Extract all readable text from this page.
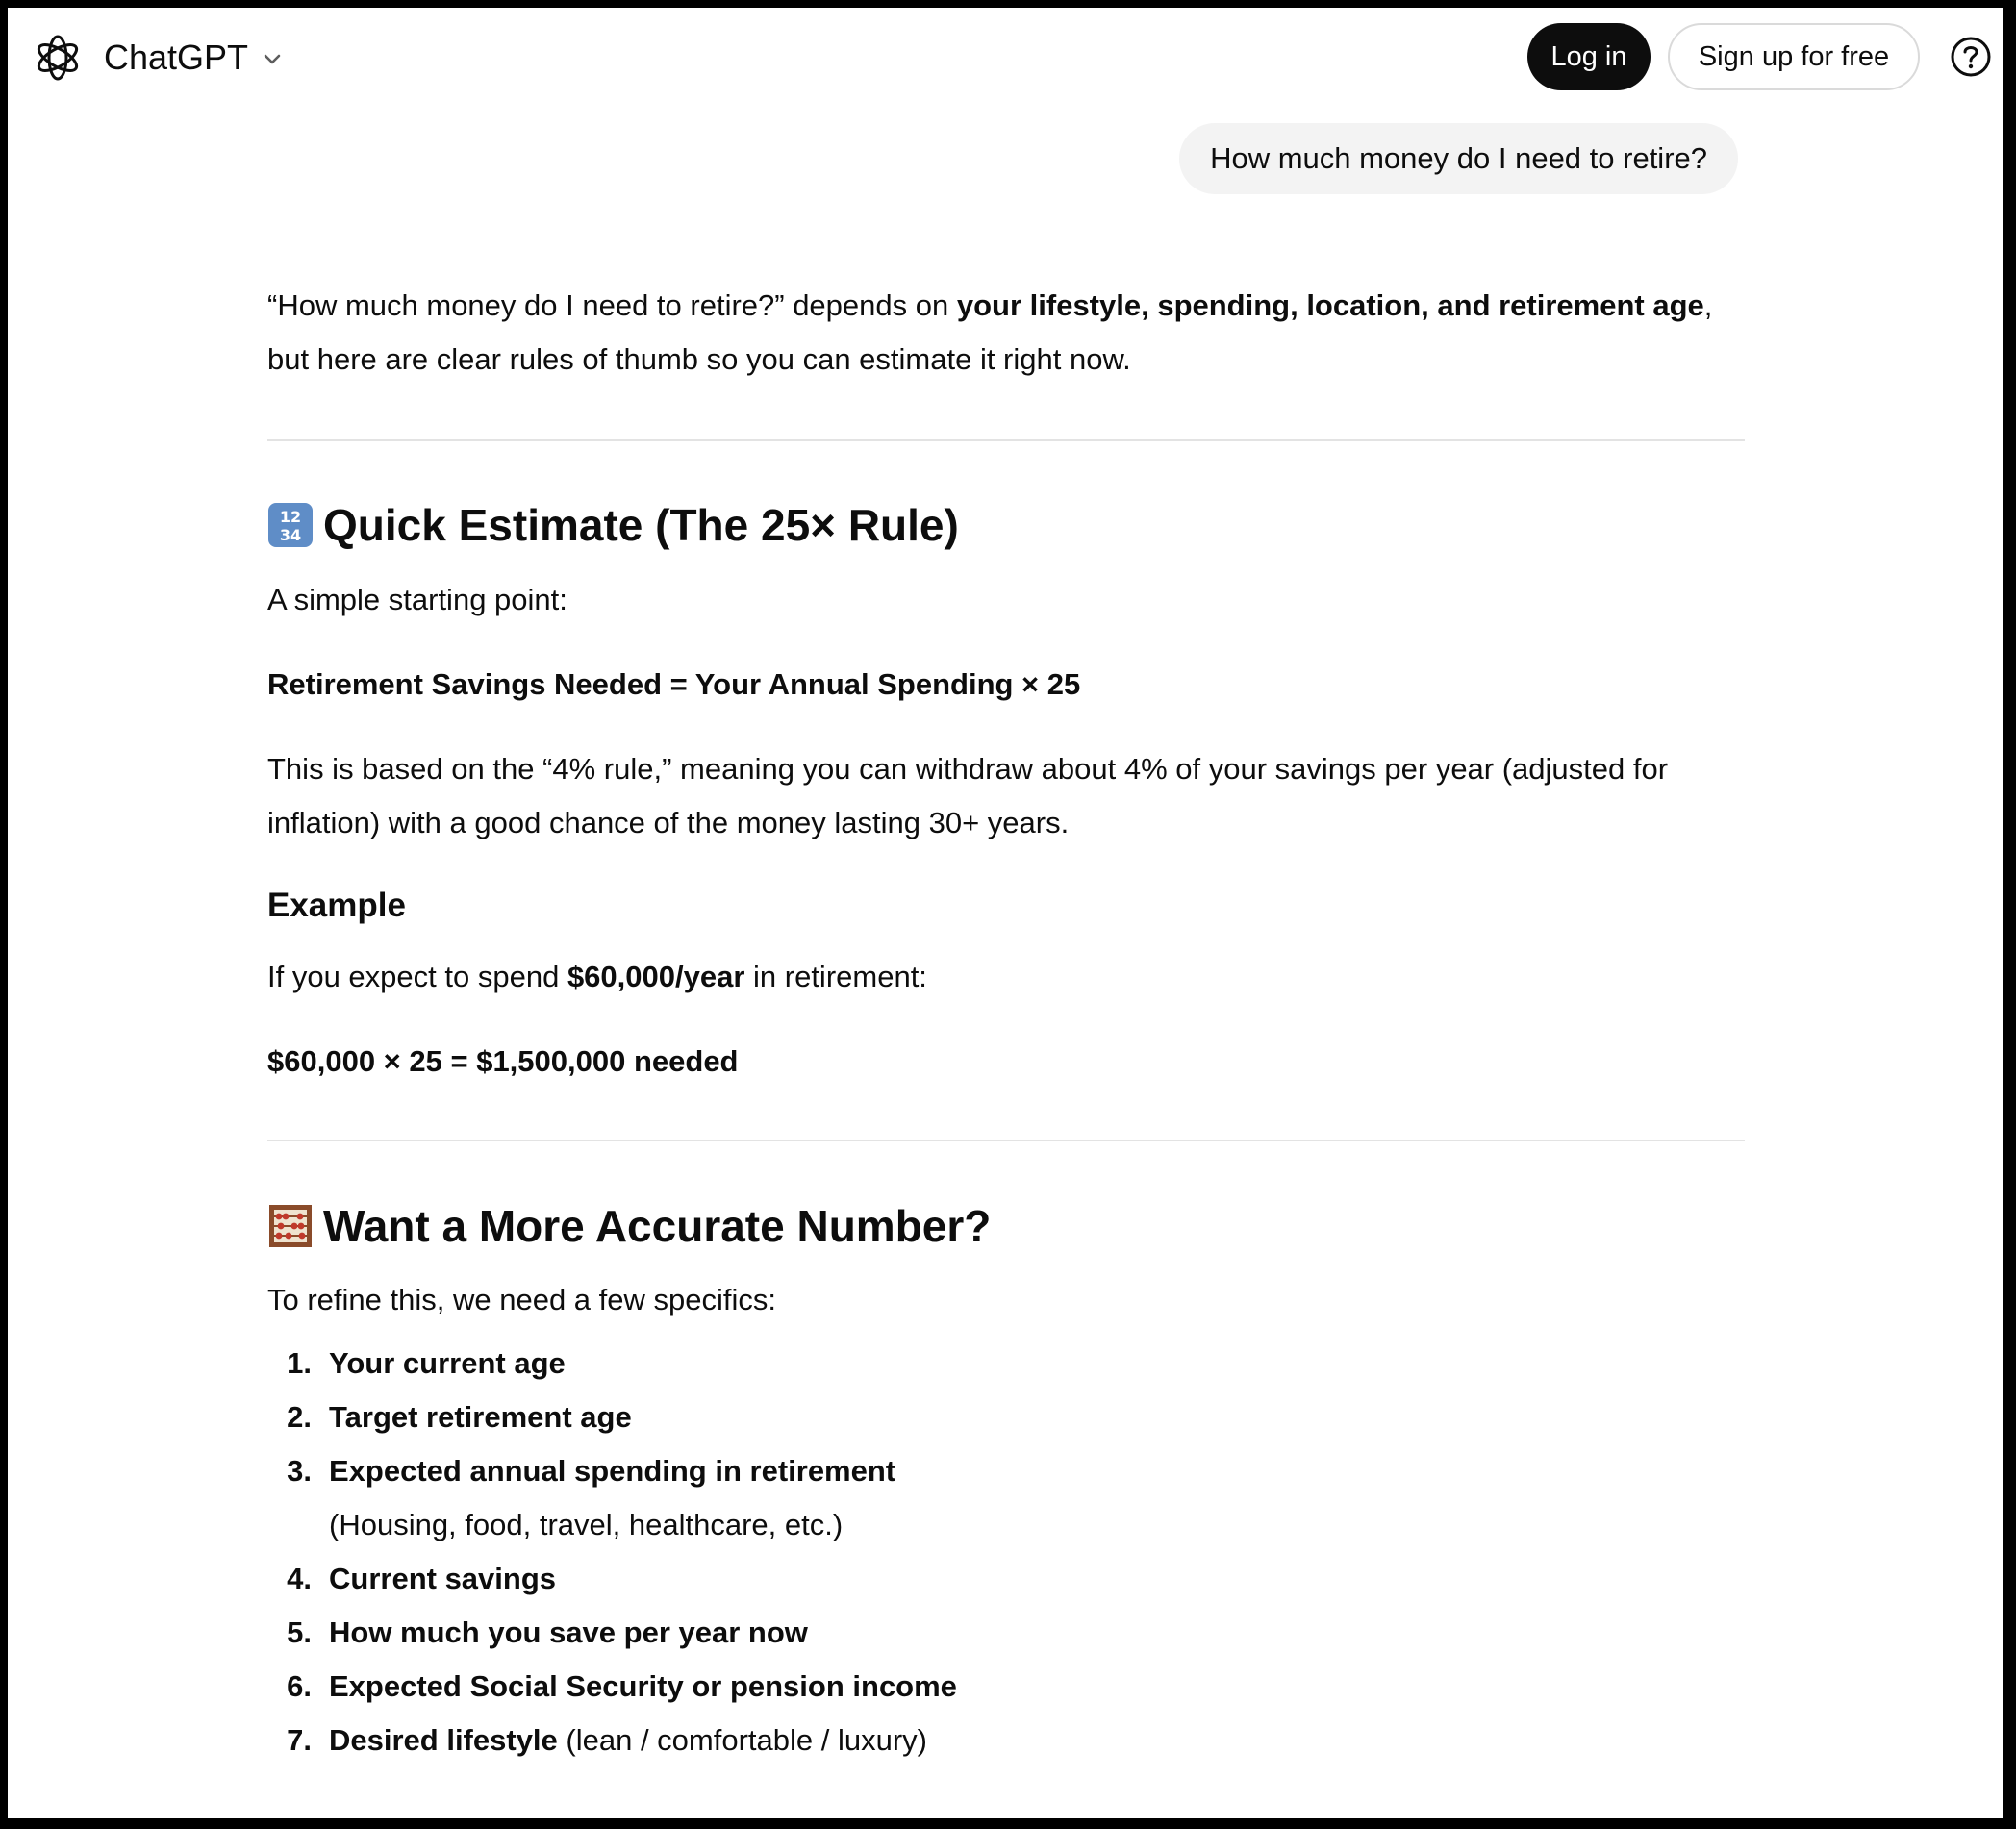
ChatGPT	Log in	Sign up for free
How much money do I need to retire?

“How much money do I need to retire?” depends on your lifestyle, spending, location, and retirement age, but here are clear rules of thumb so you can estimate it right now.

12
34 Quick Estimate (The 25× Rule)

A simple starting point:

Retirement Savings Needed = Your Annual Spending × 25

This is based on the “4% rule,” meaning you can withdraw about 4% of your savings per year (adjusted for inflation) with a good chance of the money lasting 30+ years.

Example

If you expect to spend $60,000/year in retirement:

$60,000 × 25 = $1,500,000 needed

Want a More Accurate Number?

To refine this, we need a few specifics:

1. Your current age
2. Target retirement age
3. Expected annual spending in retirement
(Housing, food, travel, healthcare, etc.)
4. Current savings
5. How much you save per year now
6. Expected Social Security or pension income
7. Desired lifestyle (lean / comfortable / luxury)
